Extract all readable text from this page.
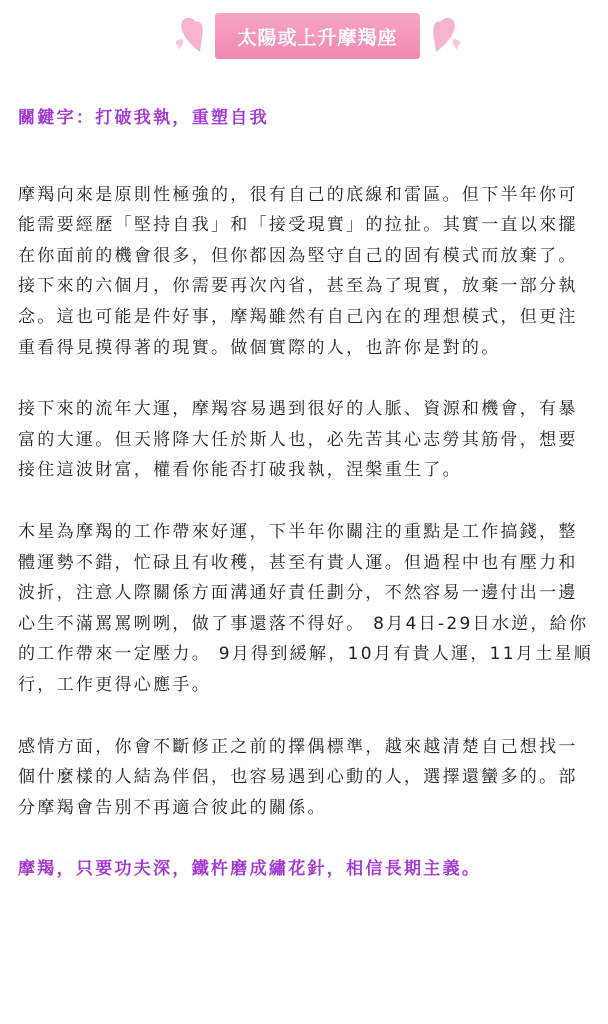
太陽或上升摩羯座

關鍵字：打破我執，重塑自我

摩羯向來是原則性極強的，很有自己的底線和雷區。但下半年你可能需要經歷「堅持自我」和「接受現實」的拉扯。其實一直以來擺在你面前的機會很多，但你都因為堅守自己的固有模式而放棄了。接下來的六個月，你需要再次內省，甚至為了現實，放棄一部分執念。這也可能是件好事，摩羯雖然有自己內在的理想模式，但更注重看得見摸得著的現實。做個實際的人，也許你是對的。

接下來的流年大運，摩羯容易遇到很好的人脈、資源和機會，有暴富的大運。但天將降大任於斯人也，必先苦其心志勞其筋骨，想要接住這波財富，權看你能否打破我執，涅槃重生了。

木星為摩羯的工作帶來好運，下半年你關注的重點是工作搞錢，整體運勢不錯，忙碌且有收穫，甚至有貴人運。但過程中也有壓力和波折，注意人際關係方面溝通好責任劃分，不然容易一邊付出一邊心生不滿罵罵咧咧，做了事還落不得好。 8月4日-29日水逆，給你的工作帶來一定壓力。 9月得到緩解，10月有貴人運，11月土星順行，工作更得心應手。

感情方面，你會不斷修正之前的擇偶標準，越來越清楚自己想找一個什麼樣的人結為伴侶，也容易遇到心動的人，選擇還蠻多的。部分摩羯會告別不再適合彼此的關係。

摩羯，只要功夫深，鐵杵磨成繡花針，相信長期主義。
